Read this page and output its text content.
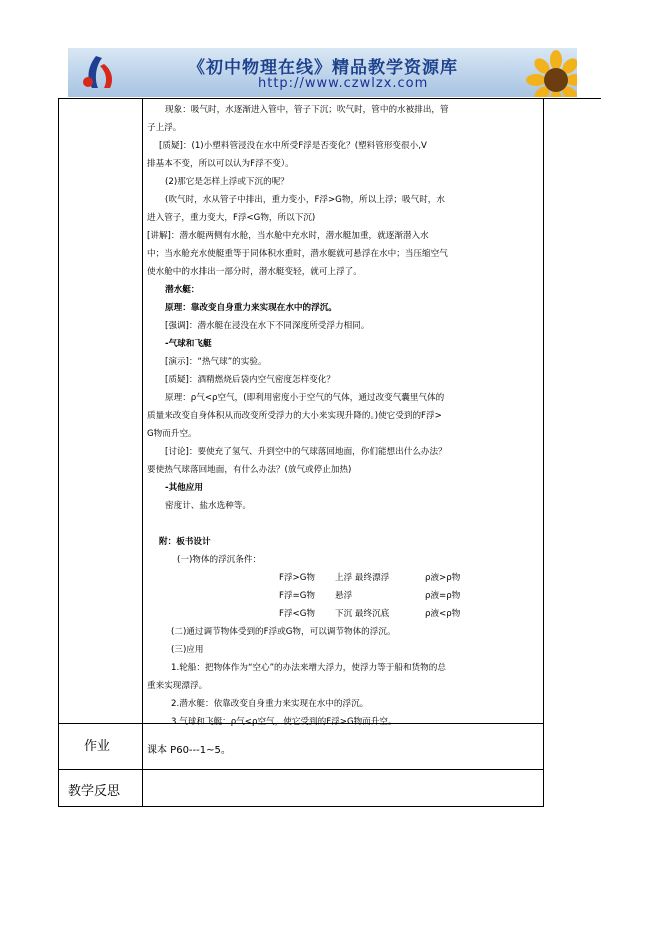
《初中物理在线》精品教学资源库
http://www.czwlzx.com

现象：吸气时，水逐渐进入管中，管子下沉；吹气时，管中的水被排出，管

子上浮。

[质疑]：(1)小塑料管浸没在水中所受F浮是否变化？(塑料管形变很小,V

排基本不变，所以可以认为F浮不变）。

(2)那它是怎样上浮或下沉的呢？

(吹气时，水从管子中排出，重力变小，F浮>G物，所以上浮；吸气时，水

进入管子，重力变大，F浮<G物，所以下沉)

[讲解]：潜水艇两侧有水舱，当水舱中充水时，潜水艇加重，就逐渐潜入水

中；当水舱充水使艇重等于同体积水重时，潜水艇就可悬浮在水中；当压缩空气

使水舱中的水排出一部分时，潜水艇变轻，就可上浮了。

潜水艇：

原理：靠改变自身重力来实现在水中的浮沉。

[强调]：潜水艇在浸没在水下不同深度所受浮力相同。

-气球和飞艇

[演示]：“热气球”的实验。

[质疑]：酒精燃烧后袋内空气密度怎样变化？

原理：ρ气<ρ空气，(即利用密度小于空气的气体，通过改变气囊里气体的

质量来改变自身体积从而改变所受浮力的大小来实现升降的。)使它受到的F浮>

G物而升空。

[讨论]：要使充了氢气、升到空中的气球落回地面，你们能想出什么办法？

要使热气球落回地面，有什么办法？(放气或停止加热)

-其他应用

密度计、盐水选种等。

附：板书设计

(一)物体的浮沉条件：

F浮>G物 上浮 最终漂浮	ρ液>ρ物
F浮=G物 悬浮	ρ液=ρ物
F浮<G物 下沉 最终沉底	ρ液<ρ物

(二)通过调节物体受到的F浮或G物，可以调节物体的浮沉。

(三)应用

1.轮船：把物体作为“空心”的办法来增大浮力，使浮力等于船和货物的总

重来实现漂浮。

2.潜水艇：依靠改变自身重力来实现在水中的浮沉。

3.气球和飞艇：ρ气<ρ空气，使它受到的F浮>G物而升空。

作业	课本 P60---1~5。
教学反思
